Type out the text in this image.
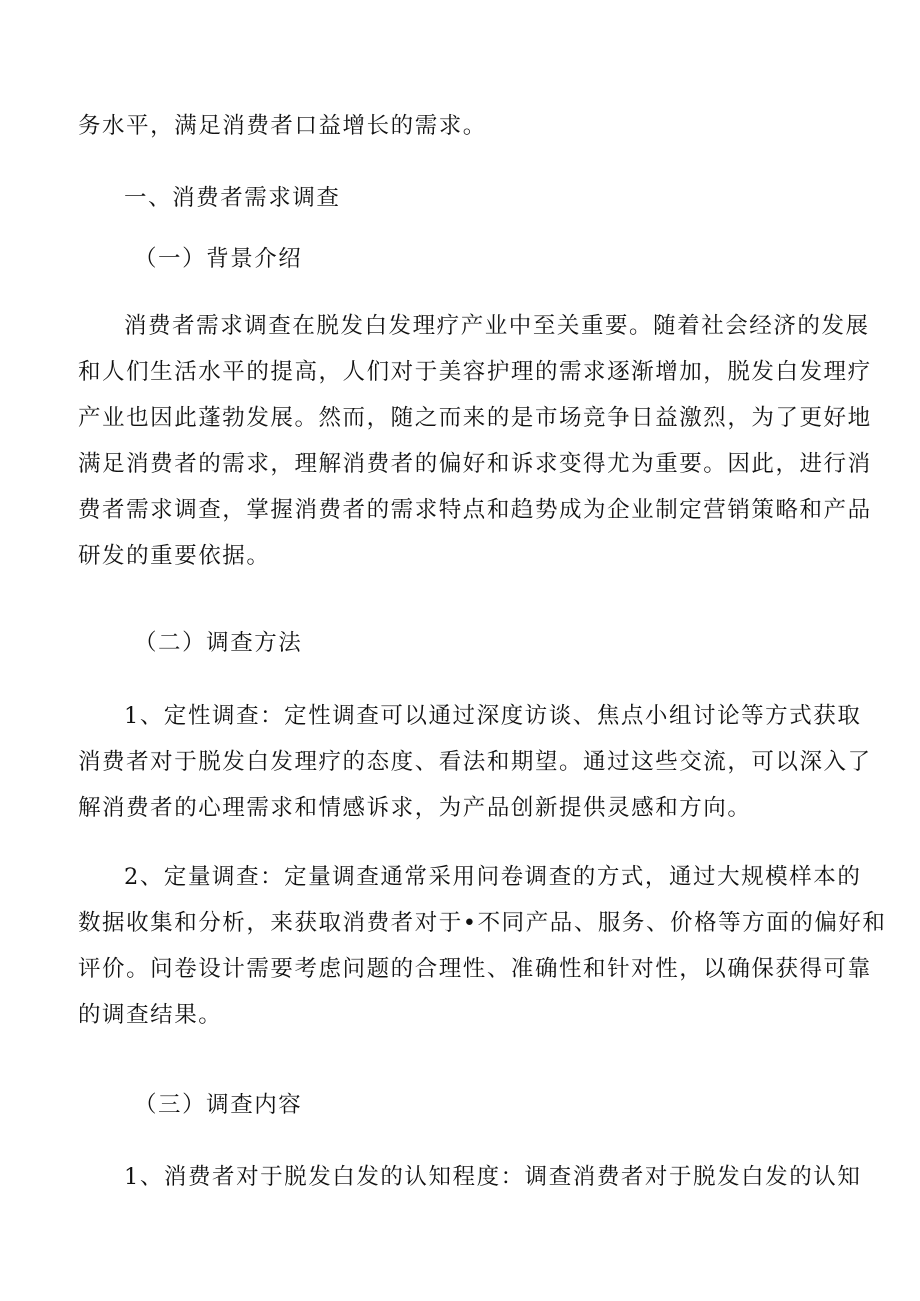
务水平，满足消费者口益增长的需求。
一、消费者需求调查
（一）背景介绍
消费者需求调查在脱发白发理疗产业中至关重要。随着社会经济的发展
和人们生活水平的提高，人们对于美容护理的需求逐渐增加，脱发白发理疗
产业也因此蓬勃发展。然而，随之而来的是市场竞争日益激烈，为了更好地
满足消费者的需求，理解消费者的偏好和诉求变得尤为重要。因此，进行消
费者需求调查，掌握消费者的需求特点和趋势成为企业制定营销策略和产品
研发的重要依据。
（二）调查方法
1、定性调查：定性调查可以通过深度访谈、焦点小组讨论等方式获取
消费者对于脱发白发理疗的态度、看法和期望。通过这些交流，可以深入了
解消费者的心理需求和情感诉求，为产品创新提供灵感和方向。
2、定量调查：定量调查通常采用问卷调查的方式，通过大规模样本的
数据收集和分析，来获取消费者对于•不同产品、服务、价格等方面的偏好和
评价。问卷设计需要考虑问题的合理性、准确性和针对性，以确保获得可靠
的调查结果。
（三）调查内容
1、消费者对于脱发白发的认知程度：调查消费者对于脱发白发的认知
